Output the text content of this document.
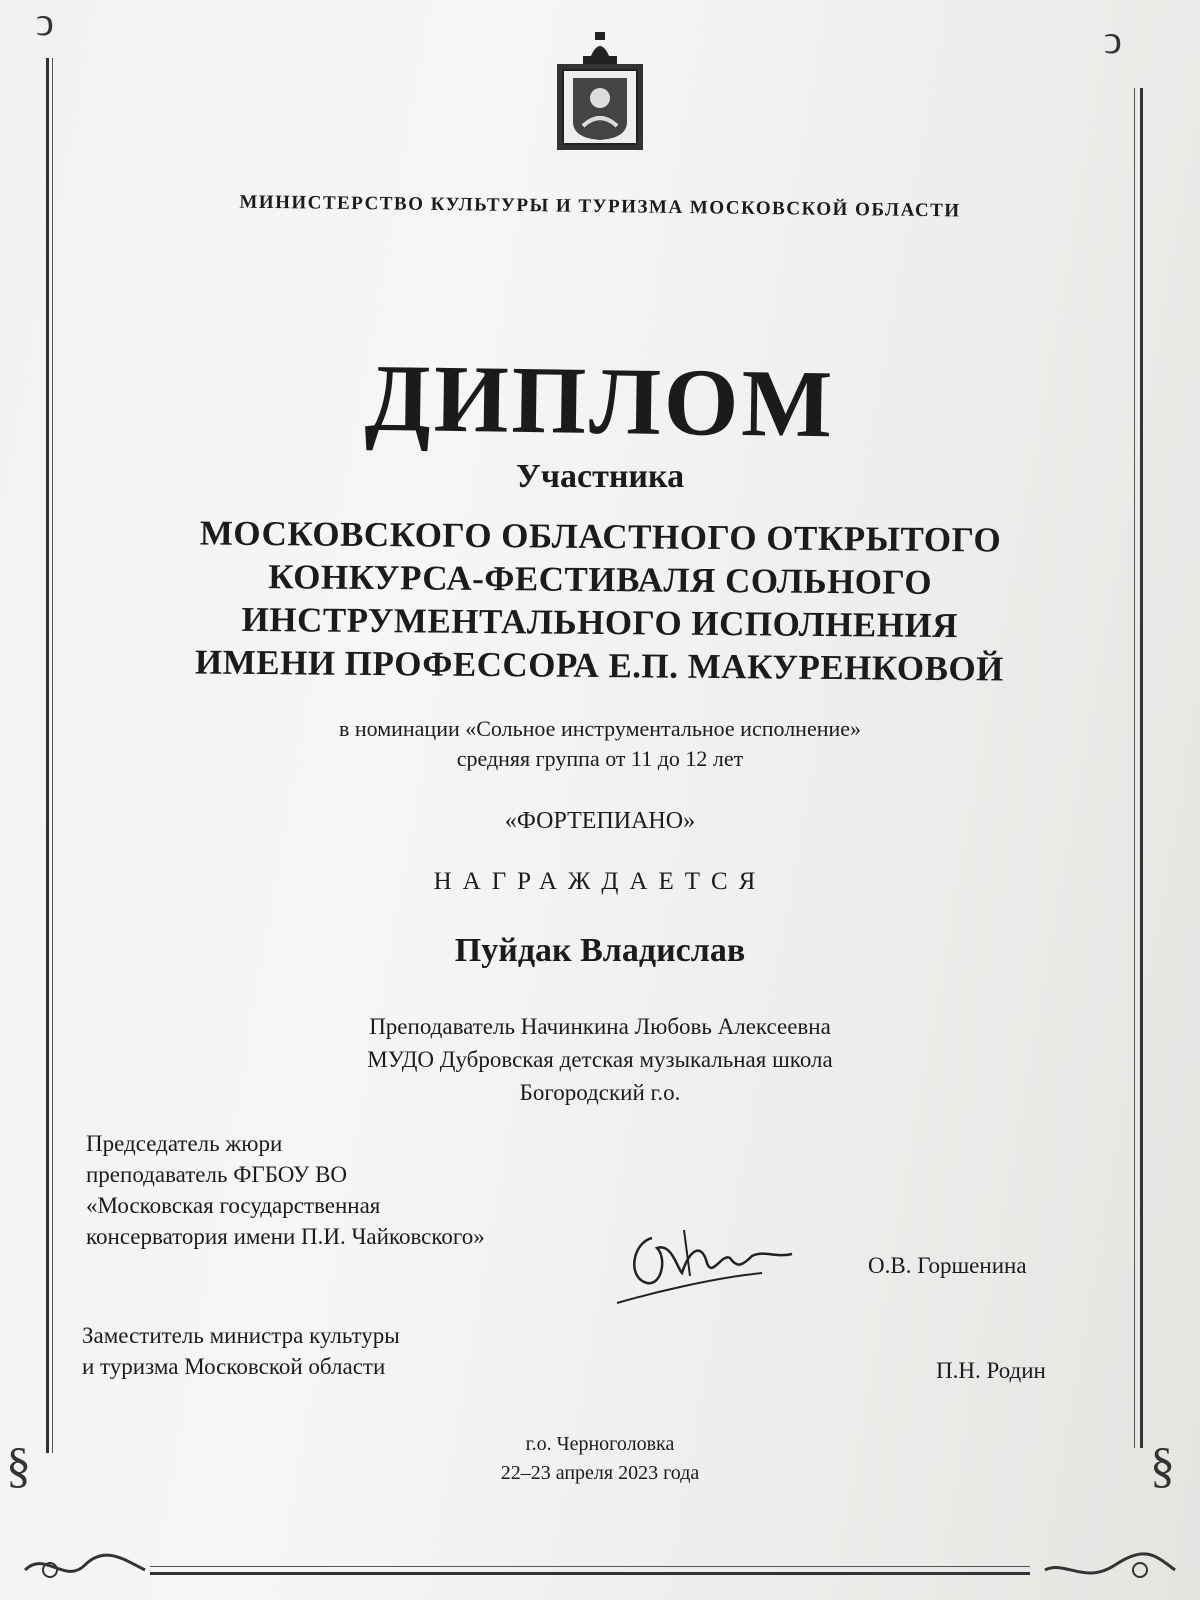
ↄ	ↄ
§	§
МИНИСТЕРСТВО КУЛЬТУРЫ И ТУРИЗМА МОСКОВСКОЙ ОБЛАСТИ
ДИПЛОМ
Участника
МОСКОВСКОГО ОБЛАСТНОГО ОТКРЫТОГО
КОНКУРСА-ФЕСТИВАЛЯ СОЛЬНОГО
ИНСТРУМЕНТАЛЬНОГО ИСПОЛНЕНИЯ
ИМЕНИ ПРОФЕССОРА Е.П. МАКУРЕНКОВОЙ
в номинации «Сольное инструментальное исполнение»
средняя группа от 11 до 12 лет
«ФОРТЕПИАНО»
НАГРАЖДАЕТСЯ
Пуйдак Владислав
Преподаватель Начинкина Любовь Алексеевна
МУДО Дубровская детская музыкальная школа
Богородский г.о.
Председатель жюри
преподаватель ФГБОУ ВО
«Московская государственная
консерватория имени П.И. Чайковского»
О.В. Горшенина
Заместитель министра культуры
и туризма Московской области	П.Н. Родин
г.о. Черноголовка
22–23 апреля 2023 года
